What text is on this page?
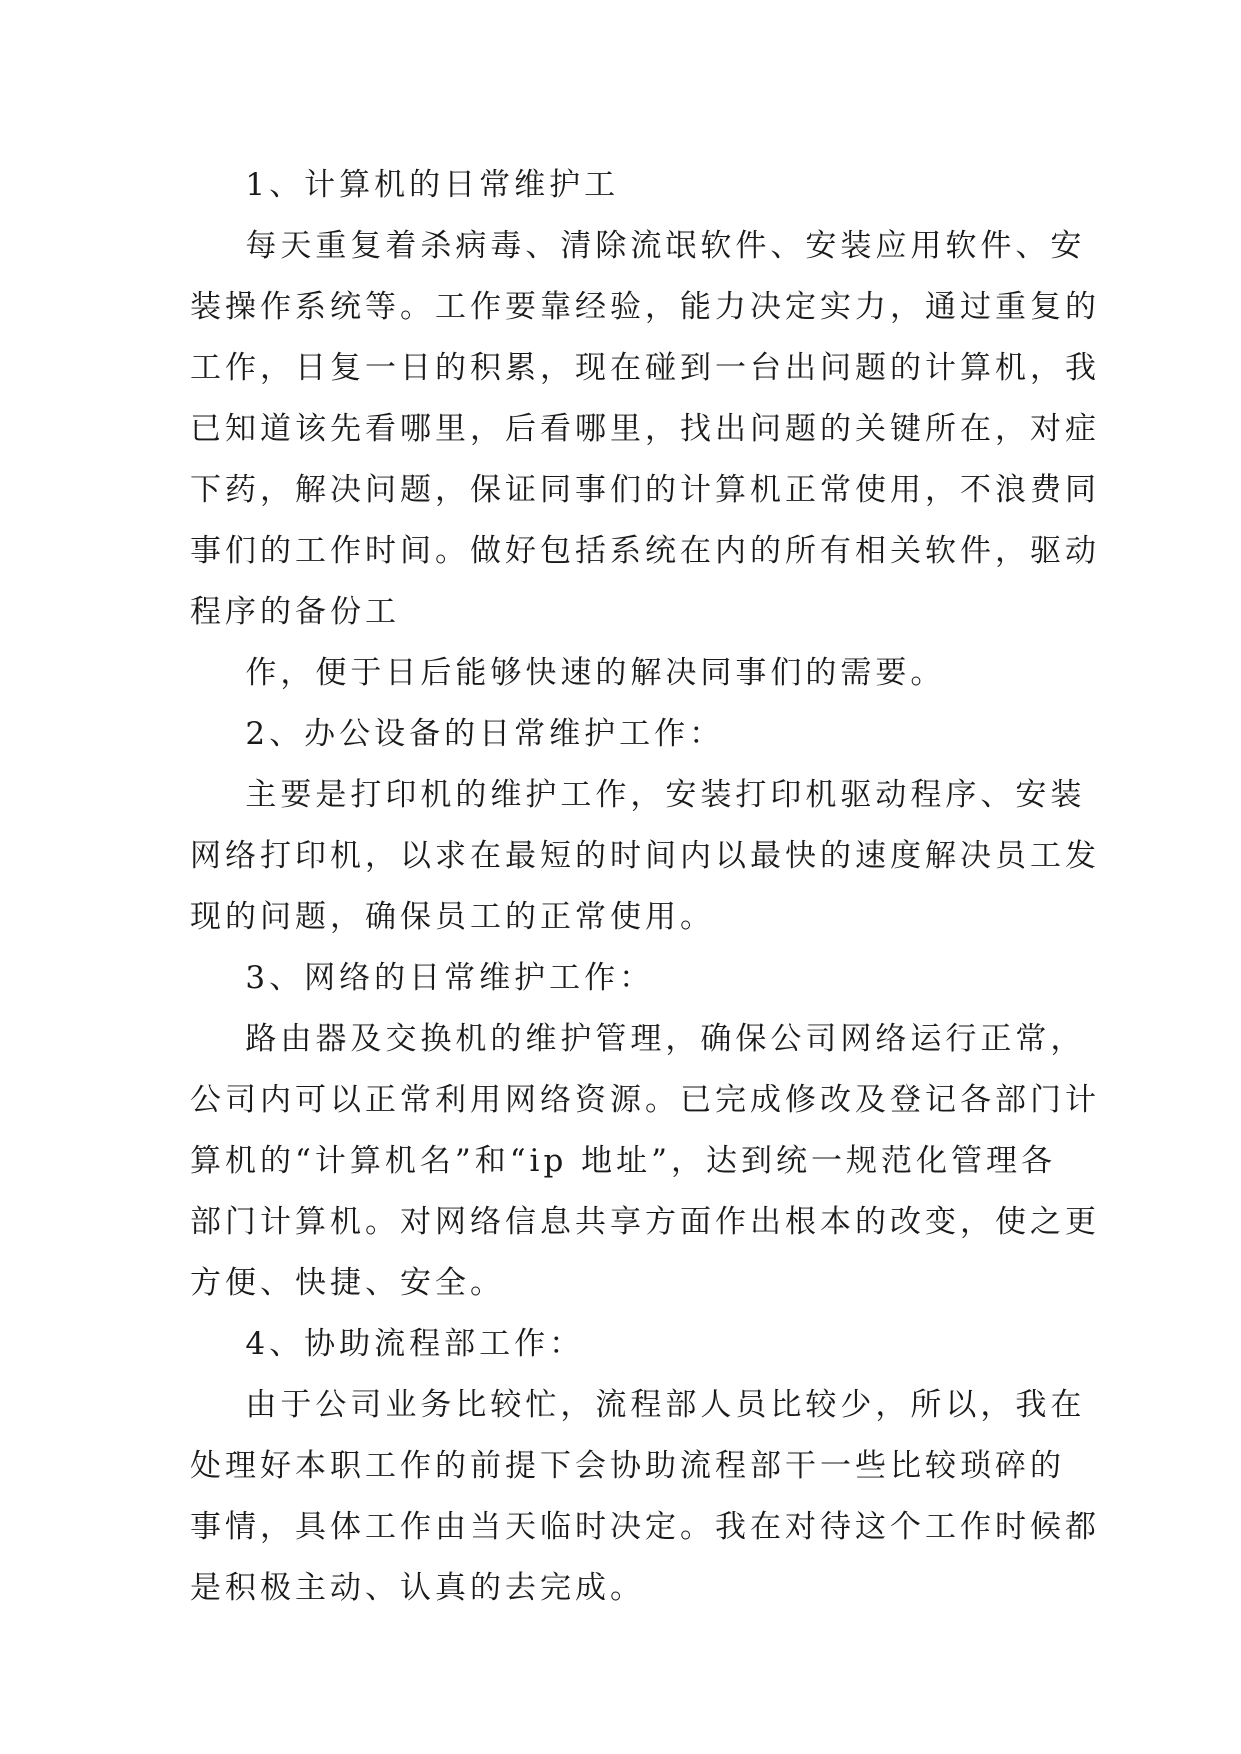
1、计算机的日常维护工

每天重复着杀病毒、清除流氓软件、安装应用软件、安

装操作系统等。工作要靠经验，能力决定实力，通过重复的

工作，日复一日的积累，现在碰到一台出问题的计算机，我

已知道该先看哪里，后看哪里，找出问题的关键所在，对症

下药，解决问题，保证同事们的计算机正常使用，不浪费同

事们的工作时间。做好包括系统在内的所有相关软件，驱动

程序的备份工

作，便于日后能够快速的解决同事们的需要。

2、办公设备的日常维护工作：

主要是打印机的维护工作，安装打印机驱动程序、安装

网络打印机，以求在最短的时间内以最快的速度解决员工发

现的问题，确保员工的正常使用。

3、网络的日常维护工作：

路由器及交换机的维护管理，确保公司网络运行正常，

公司内可以正常利用网络资源。已完成修改及登记各部门计

算机的“计算机名”和“ip 地址”，达到统一规范化管理各

部门计算机。对网络信息共享方面作出根本的改变，使之更

方便、快捷、安全。

4、协助流程部工作：

由于公司业务比较忙，流程部人员比较少，所以，我在

处理好本职工作的前提下会协助流程部干一些比较琐碎的

事情，具体工作由当天临时决定。我在对待这个工作时候都

是积极主动、认真的去完成。
